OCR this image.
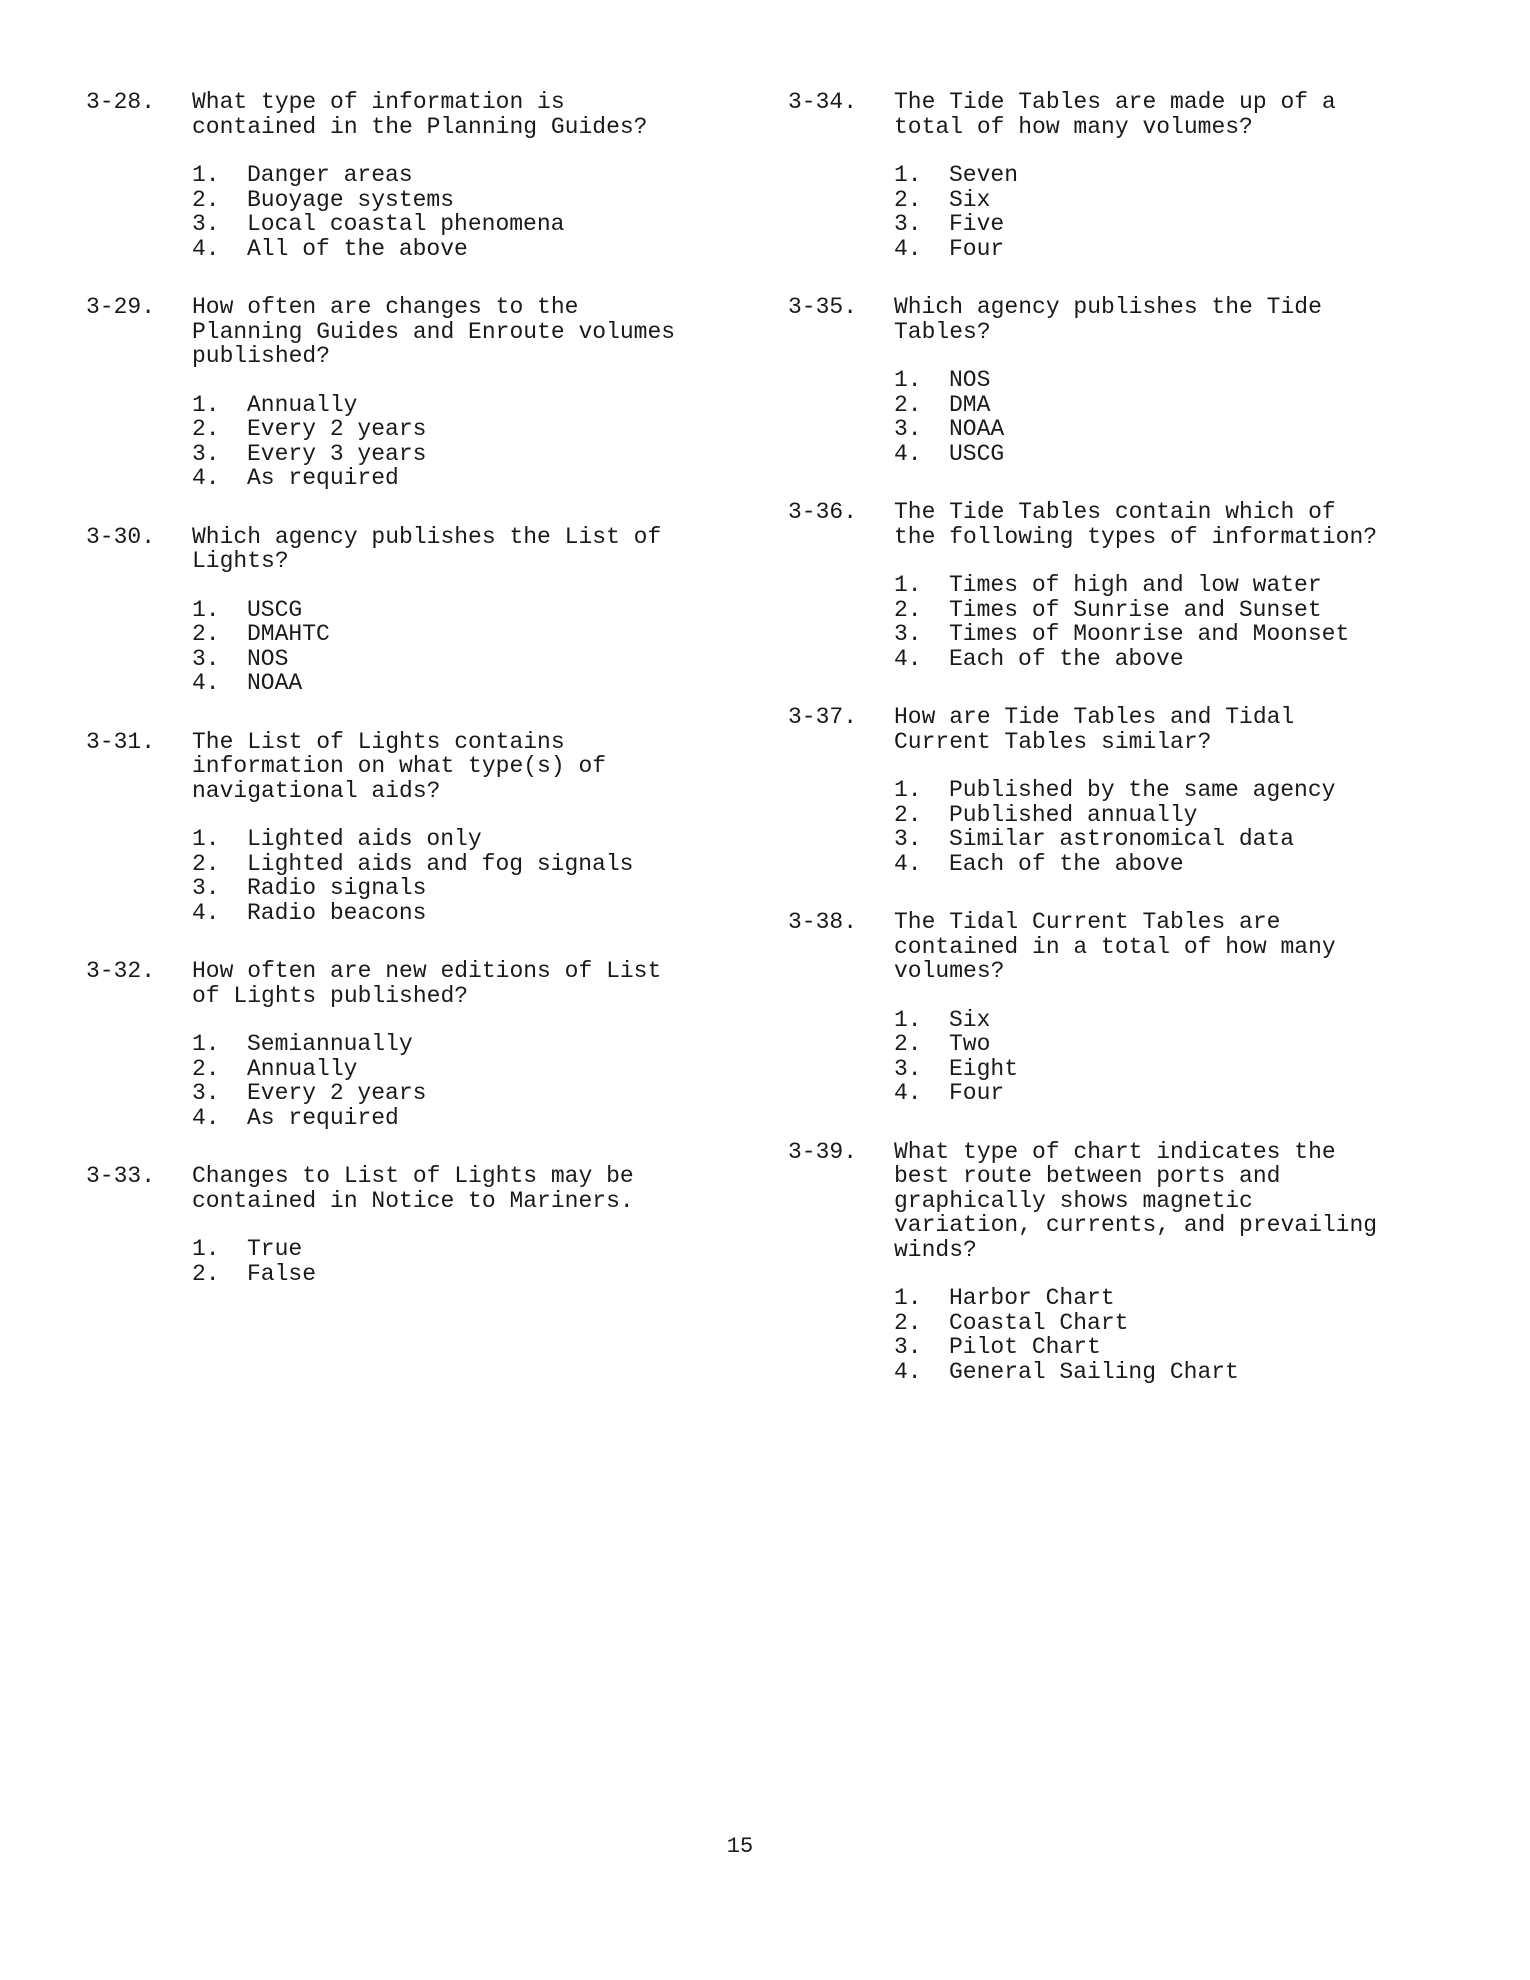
3-28.	What type of information is
contained in the Planning Guides?
1.	Danger areas
2.	Buoyage systems
3.	Local coastal phenomena
4.	All of the above
3-29.	How often are changes to the
Planning Guides and Enroute volumes
published?
1.	Annually
2.	Every 2 years
3.	Every 3 years
4.	As required
3-30.	Which agency publishes the List of
Lights?
1.	USCG
2.	DMAHTC
3.	NOS
4.	NOAA
3-31.	The List of Lights contains
information on what type(s) of
navigational aids?
1.	Lighted aids only
2.	Lighted aids and fog signals
3.	Radio signals
4.	Radio beacons
3-32.	How often are new editions of List
of Lights published?
1.	Semiannually
2.	Annually
3.	Every 2 years
4.	As required
3-33.	Changes to List of Lights may be
contained in Notice to Mariners.
1.	True
2.	False
3-34.	The Tide Tables are made up of a
total of how many volumes?
1.	Seven
2.	Six
3.	Five
4.	Four
3-35.	Which agency publishes the Tide
Tables?
1.	NOS
2.	DMA
3.	NOAA
4.	USCG
3-36.	The Tide Tables contain which of
the following types of information?
1.	Times of high and low water
2.	Times of Sunrise and Sunset
3.	Times of Moonrise and Moonset
4.	Each of the above
3-37.	How are Tide Tables and Tidal
Current Tables similar?
1.	Published by the same agency
2.	Published annually
3.	Similar astronomical data
4.	Each of the above
3-38.	The Tidal Current Tables are
contained in a total of how many
volumes?
1.	Six
2.	Two
3.	Eight
4.	Four
3-39.	What type of chart indicates the
best route between ports and
graphically shows magnetic
variation, currents, and prevailing
winds?
1.	Harbor Chart
2.	Coastal Chart
3.	Pilot Chart
4.	General Sailing Chart
15
